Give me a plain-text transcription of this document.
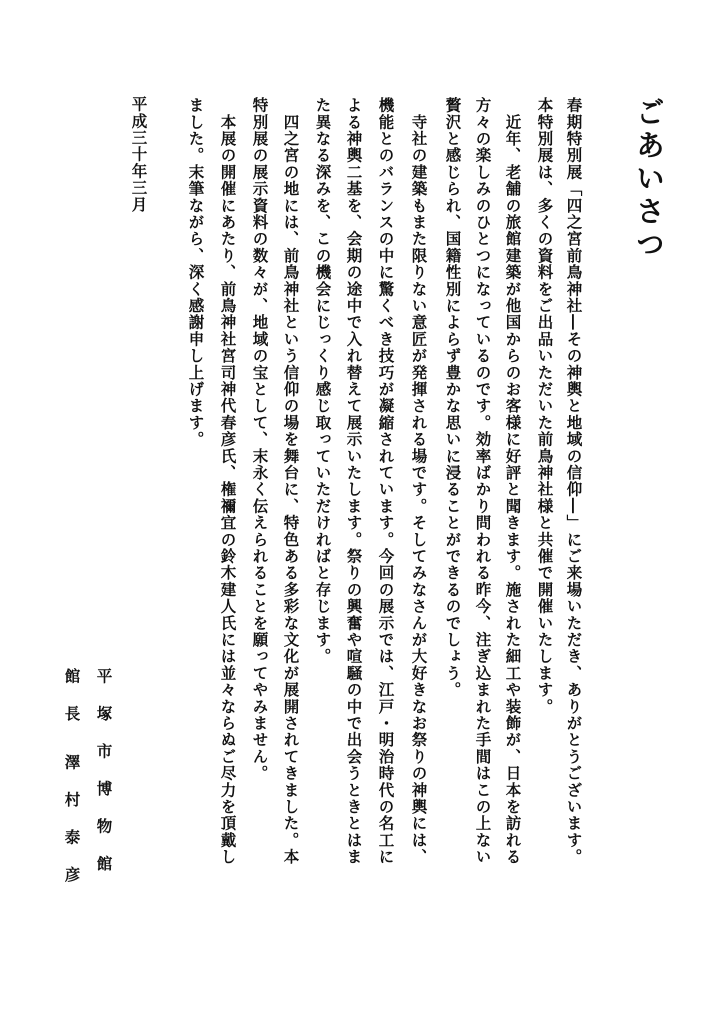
ごあいさつ

春期特別展「四之宮前鳥神社―その神輿と地域の信仰―」にご来場いただき、ありがとうございます。

本特別展は、多くの資料をご出品いただいた前鳥神社様と共催で開催いたします。

　近年、老舗の旅館建築が他国からのお客様に好評と聞きます。施された細工や装飾が、日本を訪れる

方々の楽しみのひとつになっているのです。効率ばかり問われる昨今、注ぎ込まれた手間はこの上ない

贅沢と感じられ、国籍性別によらず豊かな思いに浸ることができるのでしょう。

　寺社の建築もまた限りない意匠が発揮される場です。そしてみなさんが大好きなお祭りの神輿には、

機能とのバランスの中に驚くべき技巧が凝縮されています。今回の展示では、江戸・明治時代の名工に

よる神輿二基を、会期の途中で入れ替えて展示いたします。祭りの興奮や喧騒の中で出会うときとはま

た異なる深みを、この機会にじっくり感じ取っていただければと存じます。

　四之宮の地には、前鳥神社という信仰の場を舞台に、特色ある多彩な文化が展開されてきました。本

特別展の展示資料の数々が、地域の宝として、末永く伝えられることを願ってやみません。

　本展の開催にあたり、前鳥神社宮司神代春彦氏、権禰宜の鈴木建人氏には並々ならぬご尽力を頂戴し

ました。末筆ながら、深く感謝申し上げます。

平塚市博物館

館長

澤村泰彦

平成三十年三月
